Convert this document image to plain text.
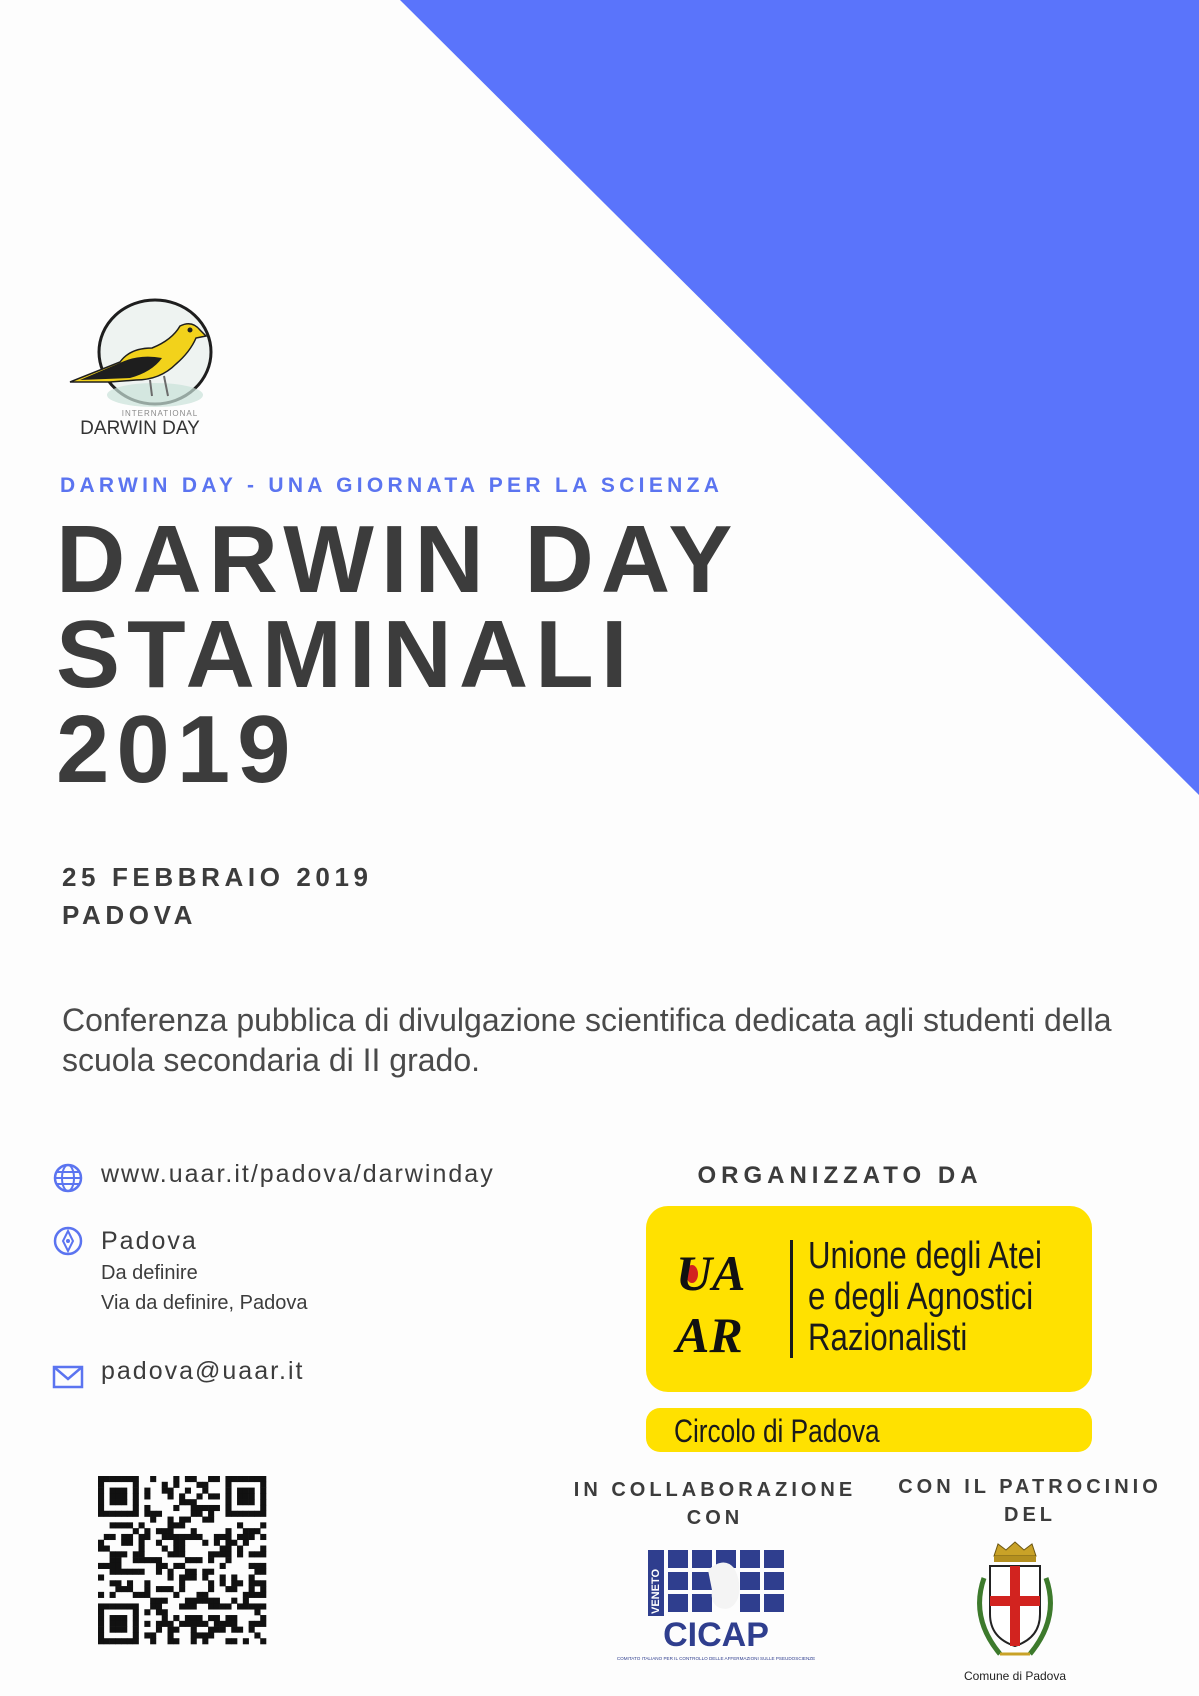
INTERNATIONAL
DARWIN DAY
DARWIN DAY - UNA GIORNATA PER LA SCIENZA
DARWIN DAY
STAMINALI
2019
25 FEBBRAIO 2019
PADOVA
Conferenza pubblica di divulgazione scientifica dedicata agli studenti della scuola secondaria di II grado.
www.uaar.it/padova/darwinday
Padova
Da definire
Via da definire, Padova
padova@uaar.it
ORGANIZZATO DA
UA
AR
Unione degli Atei
e degli Agnostici
Razionalisti
Circolo di Padova
IN COLLABORAZIONE
CON
CON IL PATROCINIO
DEL
VENETO
CICAP
COMITATO ITALIANO PER IL CONTROLLO DELLE AFFERMAZIONI SULLE PSEUDOSCIENZE
Comune di Padova
